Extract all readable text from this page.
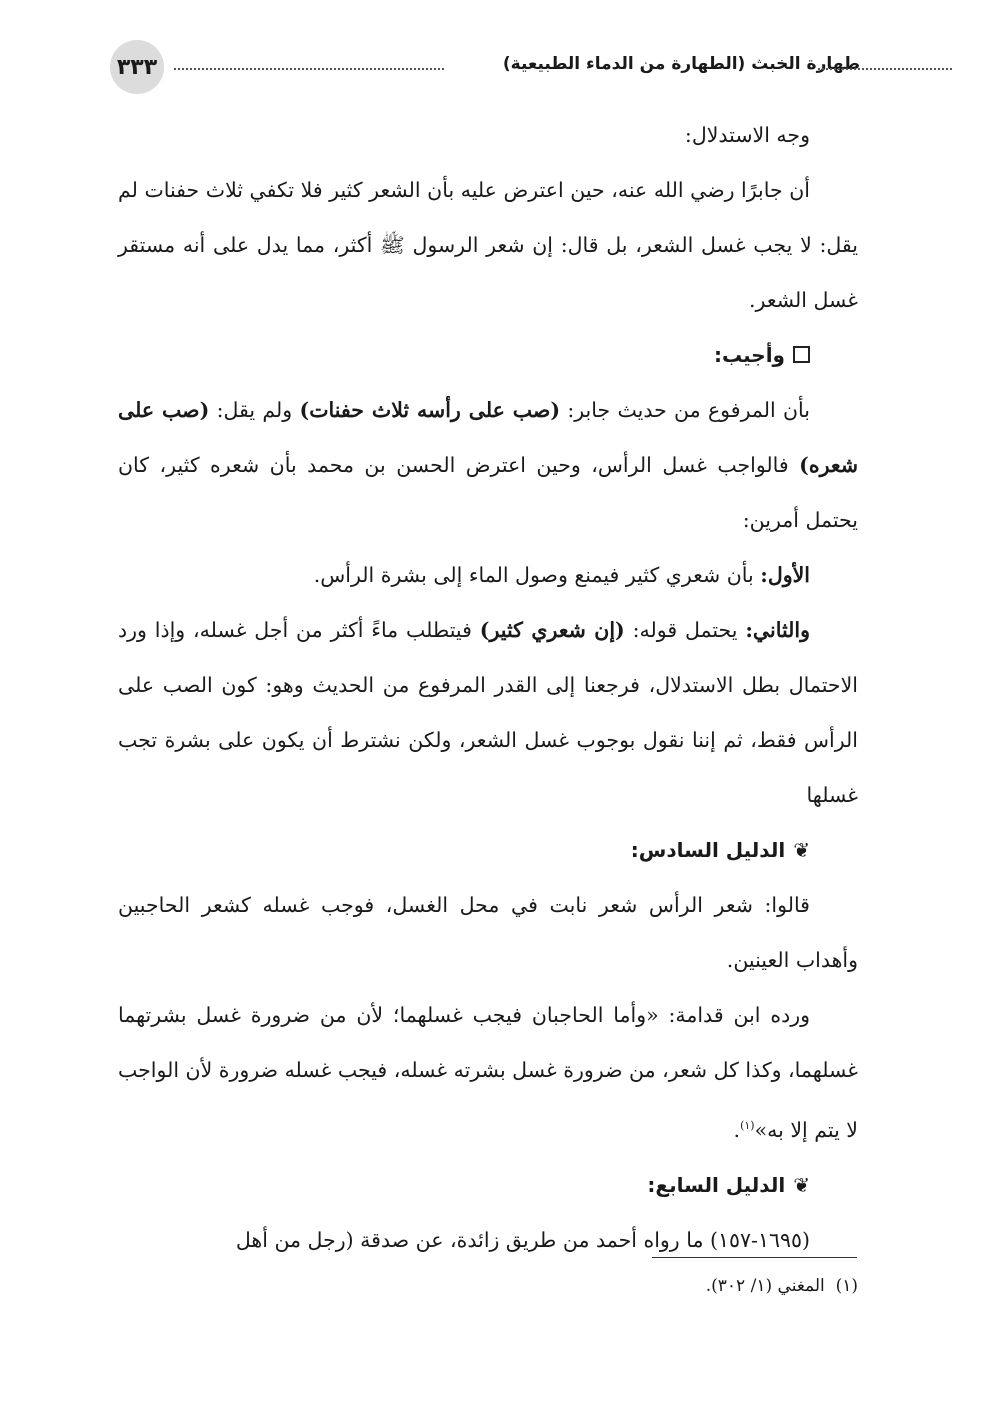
٣٣٣	طهارة الخبث (الطهارة من الدماء الطبيعية)

وجه الاستدلال:

أن جابرًا رضي الله عنه، حين اعترض عليه بأن الشعر كثير فلا تكفي ثلاث حفنات لم يقل: لا يجب غسل الشعر، بل قال: إن شعر الرسول ﷺ أكثر، مما يدل على أنه مستقر غسل الشعر.

وأجيب:

بأن المرفوع من حديث جابر: (صب على رأسه ثلاث حفنات) ولم يقل: (صب على شعره) فالواجب غسل الرأس، وحين اعترض الحسن بن محمد بأن شعره كثير، كان يحتمل أمرين:

الأول: بأن شعري كثير فيمنع وصول الماء إلى بشرة الرأس.

والثاني: يحتمل قوله: (إن شعري كثير) فيتطلب ماءً أكثر من أجل غسله، وإذا ورد الاحتمال بطل الاستدلال، فرجعنا إلى القدر المرفوع من الحديث وهو: كون الصب على الرأس فقط، ثم إننا نقول بوجوب غسل الشعر، ولكن نشترط أن يكون على بشرة تجب غسلها

❦الدليل السادس:

قالوا: شعر الرأس شعر نابت في محل الغسل، فوجب غسله كشعر الحاجبين وأهداب العينين.

ورده ابن قدامة: «وأما الحاجبان فيجب غسلهما؛ لأن من ضرورة غسل بشرتهما غسلهما، وكذا كل شعر، من ضرورة غسل بشرته غسله، فيجب غسله ضرورة لأن الواجب لا يتم إلا به»$^{(١)}$.

❦الدليل السابع:

(١٦٩٥-١٥٧) ما رواه أحمد من طريق زائدة، عن صدقة (رجل من أهل

(١)  المغني (١/ ٣٠٢).
